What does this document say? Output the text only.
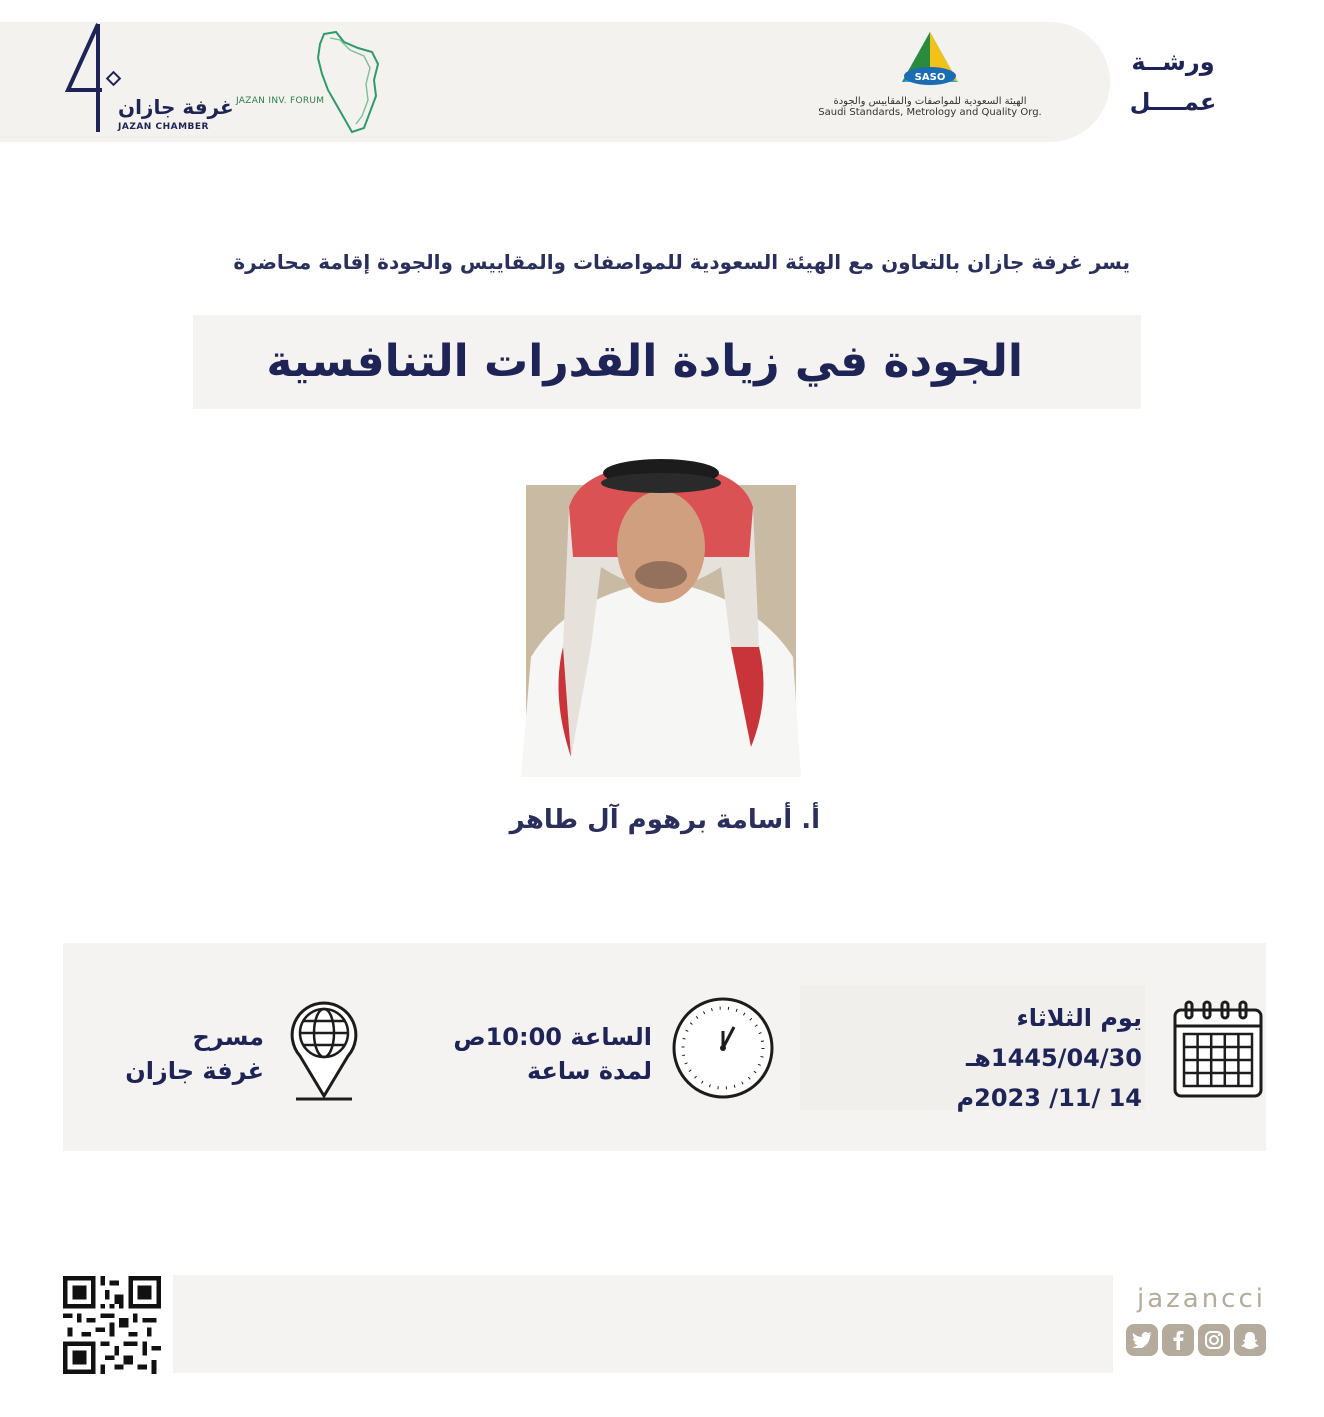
ورشــة
عمــــل
SASO
الهيئة السعودية للمواصفات والمقاييس والجودة
Saudi Standards, Metrology and Quality Org.
JAZAN INV. FORUM
غرفة جازان
JAZAN CHAMBER
يسر غرفة جازان بالتعاون مع الهيئة السعودية للمواصفات والمقاييس والجودة إقامة محاضرة
الجودة في زيادة القدرات التنافسية
أ. أسامة برهوم آل طاهر
يوم الثلاثاء
1445/04/30هـ
14 /11/ 2023م
الساعة 10:00ص
لمدة ساعة
مسرح
غرفة جازان
jazancci
